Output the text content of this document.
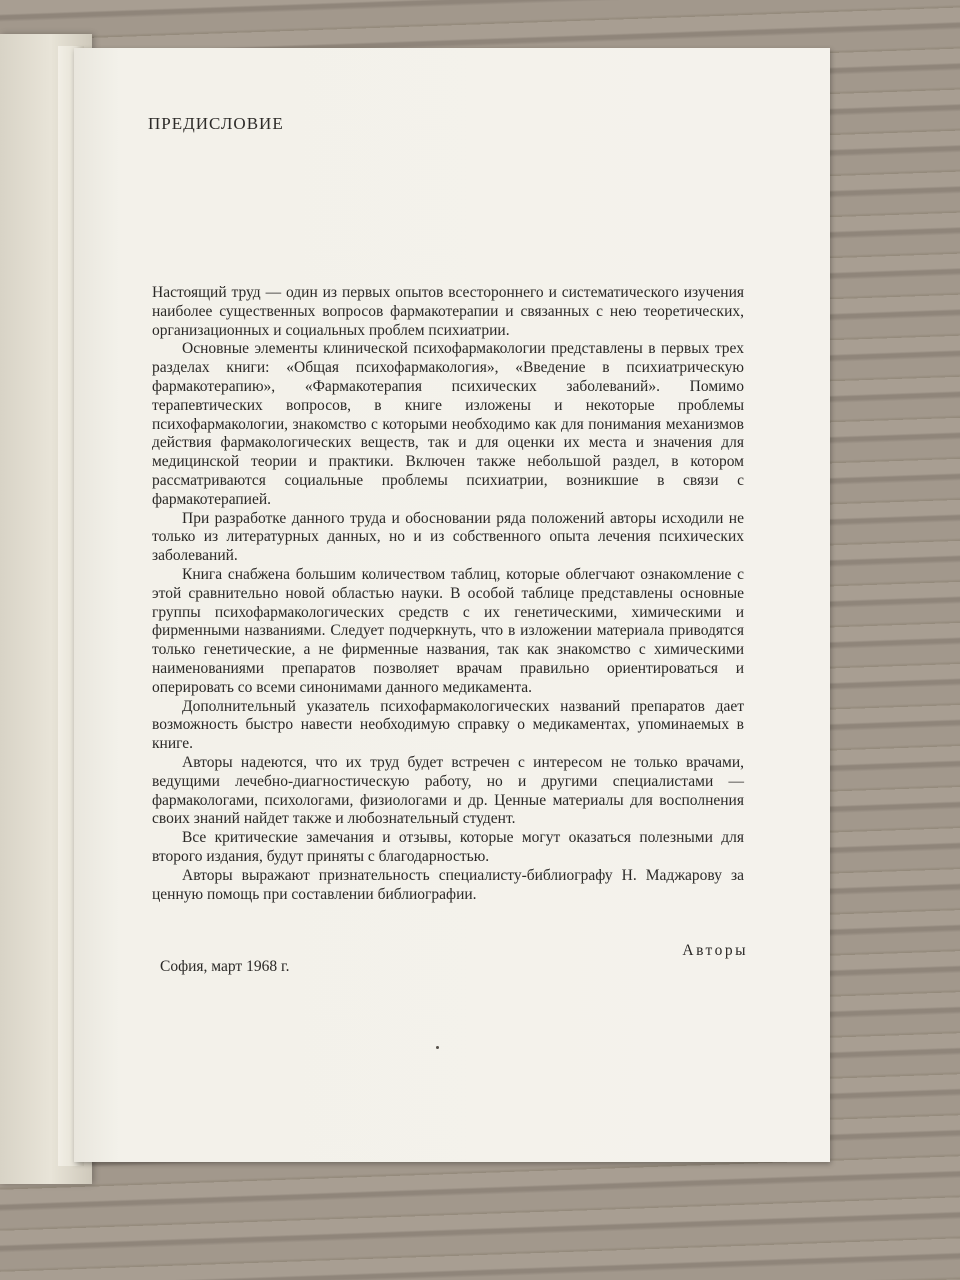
ПРЕДИСЛОВИЕ

Настоящий труд — один из первых опытов всестороннего и систематического изучения наиболее существенных вопросов фармакотерапии и связанных с нею теоретических, организационных и социальных проблем психиатрии.

Основные элементы клинической психофармакологии представлены в первых трех разделах книги: «Общая психофармакология», «Введение в психиатрическую фармакотерапию», «Фармакотерапия психических заболеваний». Помимо терапевтических вопросов, в книге изложены и некоторые проблемы психофармакологии, знакомство с которыми необходимо как для понимания механизмов действия фармакологических веществ, так и для оценки их места и значения для медицинской теории и практики. Включен также небольшой раздел, в котором рассматриваются социальные проблемы психиатрии, возникшие в связи с фармакотерапией.

При разработке данного труда и обосновании ряда положений авторы исходили не только из литературных данных, но и из собственного опыта лечения психических заболеваний.

Книга снабжена большим количеством таблиц, которые облегчают ознакомление с этой сравнительно новой областью науки. В особой таблице представлены основные группы психофармакологических средств с их генетическими, химическими и фирменными названиями. Следует подчеркнуть, что в изложении материала приводятся только генетические, а не фирменные названия, так как знакомство с химическими наименованиями препаратов позволяет врачам правильно ориентироваться и оперировать со всеми синонимами данного медикамента.

Дополнительный указатель психофармакологических названий препаратов дает возможность быстро навести необходимую справку о медикаментах, упоминаемых в книге.

Авторы надеются, что их труд будет встречен с интересом не только врачами, ведущими лечебно-диагностическую работу, но и другими специалистами — фармакологами, психологами, физиологами и др. Ценные материалы для восполнения своих знаний найдет также и любознательный студент.

Все критические замечания и отзывы, которые могут оказаться полезными для второго издания, будут приняты с благодарностью.

Авторы выражают признательность специалисту-библиографу Н. Маджарову за ценную помощь при составлении библиографии.

София, март 1968 г.
Авторы
